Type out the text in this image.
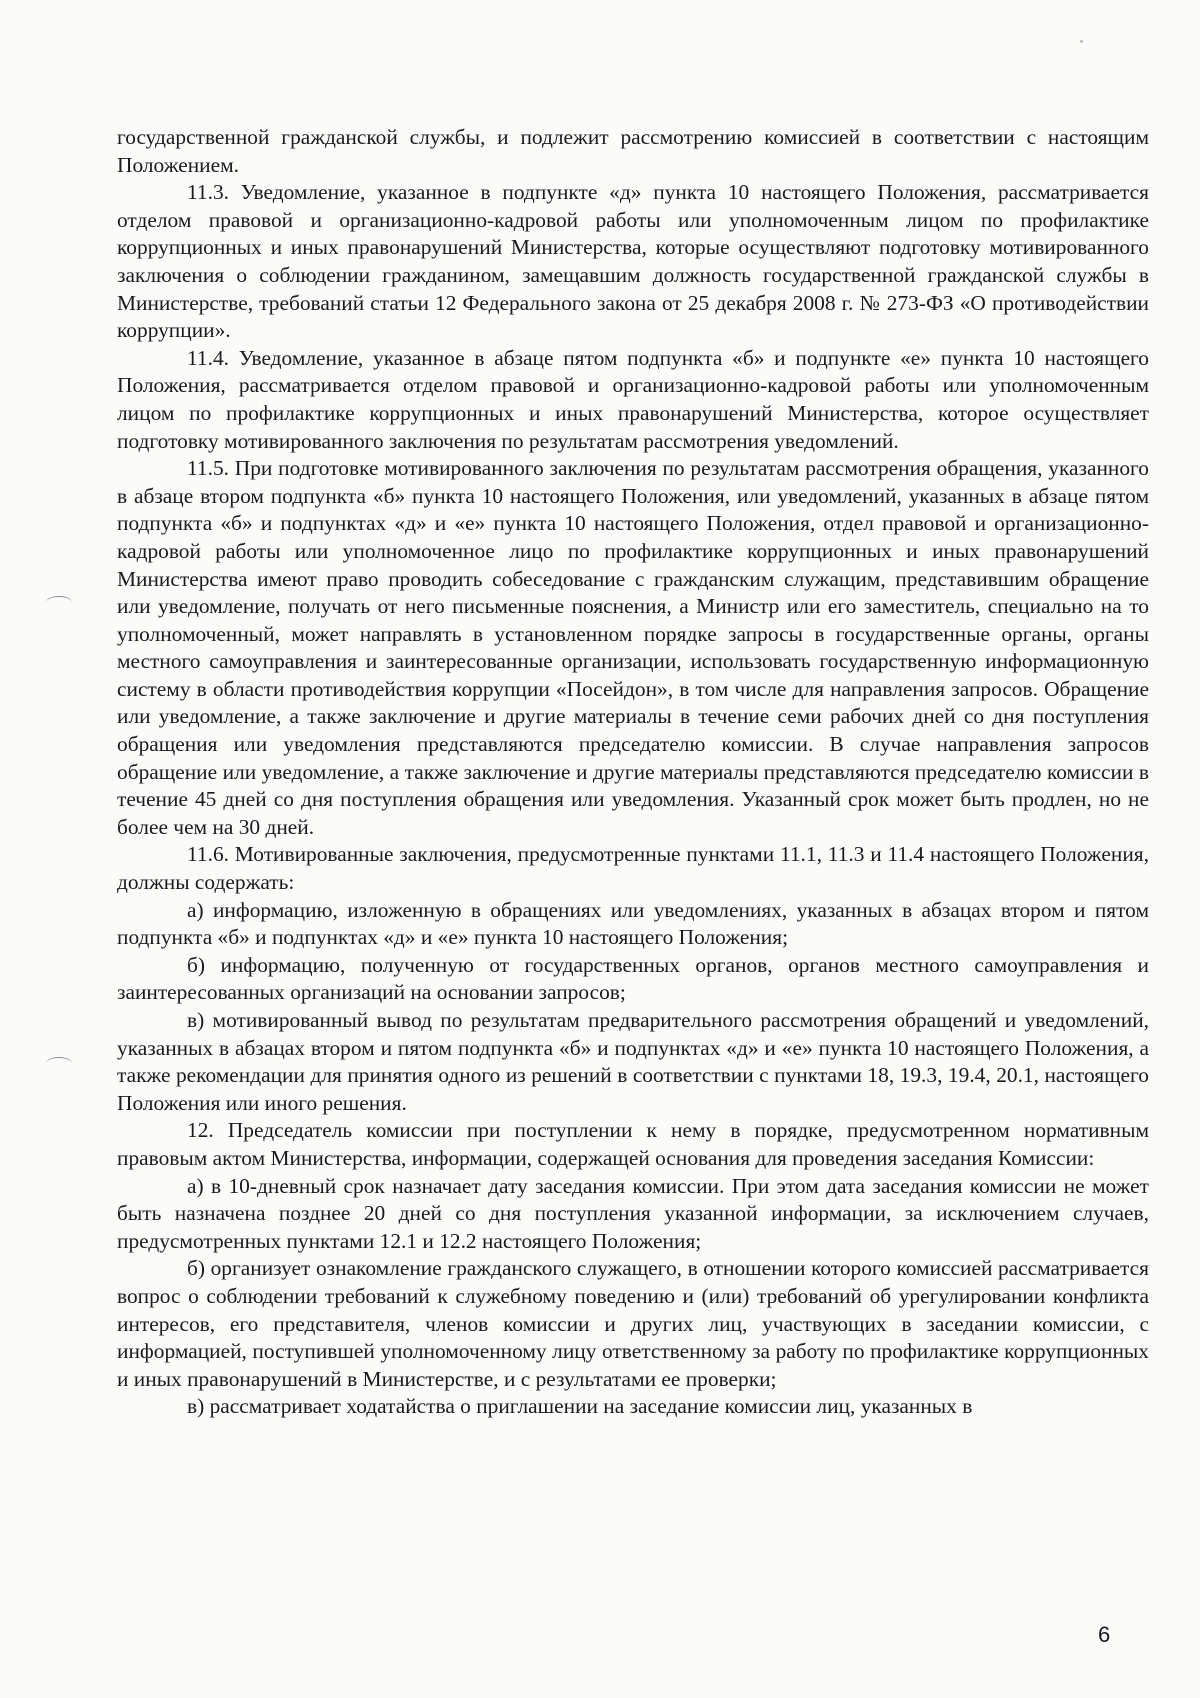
государственной гражданской службы, и подлежит рассмотрению комиссией в соответствии с настоящим Положением.

11.3. Уведомление, указанное в подпункте «д» пункта 10 настоящего Положения, рассматривается отделом правовой и организационно-кадровой работы или уполномоченным лицом по профилактике коррупционных и иных правонарушений Министерства, которые осуществляют подготовку мотивированного заключения о соблюдении гражданином, замещавшим должность государственной гражданской службы в Министерстве, требований статьи 12 Федерального закона от 25 декабря 2008 г. № 273-ФЗ «О противодействии коррупции».

11.4. Уведомление, указанное в абзаце пятом подпункта «б» и подпункте «е» пункта 10 настоящего Положения, рассматривается отделом правовой и организационно-кадровой работы или уполномоченным лицом по профилактике коррупционных и иных правонарушений Министерства, которое осуществляет подготовку мотивированного заключения по результатам рассмотрения уведомлений.

11.5. При подготовке мотивированного заключения по результатам рассмотрения обращения, указанного в абзаце втором подпункта «б» пункта 10 настоящего Положения, или уведомлений, указанных в абзаце пятом подпункта «б» и подпунктах «д» и «е» пункта 10 настоящего Положения, отдел правовой и организационно-кадровой работы или уполномоченное лицо по профилактике коррупционных и иных правонарушений Министерства имеют право проводить собеседование с гражданским служащим, представившим обращение или уведомление, получать от него письменные пояснения, а Министр или его заместитель, специально на то уполномоченный, может направлять в установленном порядке запросы в государственные органы, органы местного самоуправления и заинтересованные организации, использовать государственную информационную систему в области противодействия коррупции «Посейдон», в том числе для направления запросов. Обращение или уведомление, а также заключение и другие материалы в течение семи рабочих дней со дня поступления обращения или уведомления представляются председателю комиссии. В случае направления запросов обращение или уведомление, а также заключение и другие материалы представляются председателю комиссии в течение 45 дней со дня поступления обращения или уведомления. Указанный срок может быть продлен, но не более чем на 30 дней.

11.6. Мотивированные заключения, предусмотренные пунктами 11.1, 11.3 и 11.4 настоящего Положения, должны содержать:

а) информацию, изложенную в обращениях или уведомлениях, указанных в абзацах втором и пятом подпункта «б» и подпунктах «д» и «е» пункта 10 настоящего Положения;

б) информацию, полученную от государственных органов, органов местного самоуправления и заинтересованных организаций на основании запросов;

в) мотивированный вывод по результатам предварительного рассмотрения обращений и уведомлений, указанных в абзацах втором и пятом подпункта «б» и подпунктах «д» и «е» пункта 10 настоящего Положения, а также рекомендации для принятия одного из решений в соответствии с пунктами 18, 19.3, 19.4, 20.1, настоящего Положения или иного решения.

12. Председатель комиссии при поступлении к нему в порядке, предусмотренном нормативным правовым актом Министерства, информации, содержащей основания для проведения заседания Комиссии:

а) в 10-дневный срок назначает дату заседания комиссии. При этом дата заседания комиссии не может быть назначена позднее 20 дней со дня поступления указанной информации, за исключением случаев, предусмотренных пунктами 12.1 и 12.2 настоящего Положения;

б) организует ознакомление гражданского служащего, в отношении которого комиссией рассматривается вопрос о соблюдении требований к служебному поведению и (или) требований об урегулировании конфликта интересов, его представителя, членов комиссии и других лиц, участвующих в заседании комиссии, с информацией, поступившей уполномоченному лицу ответственному за работу по профилактике коррупционных и иных правонарушений в Министерстве, и с результатами ее проверки;

в) рассматривает ходатайства о приглашении на заседание комиссии лиц, указанных в

6
